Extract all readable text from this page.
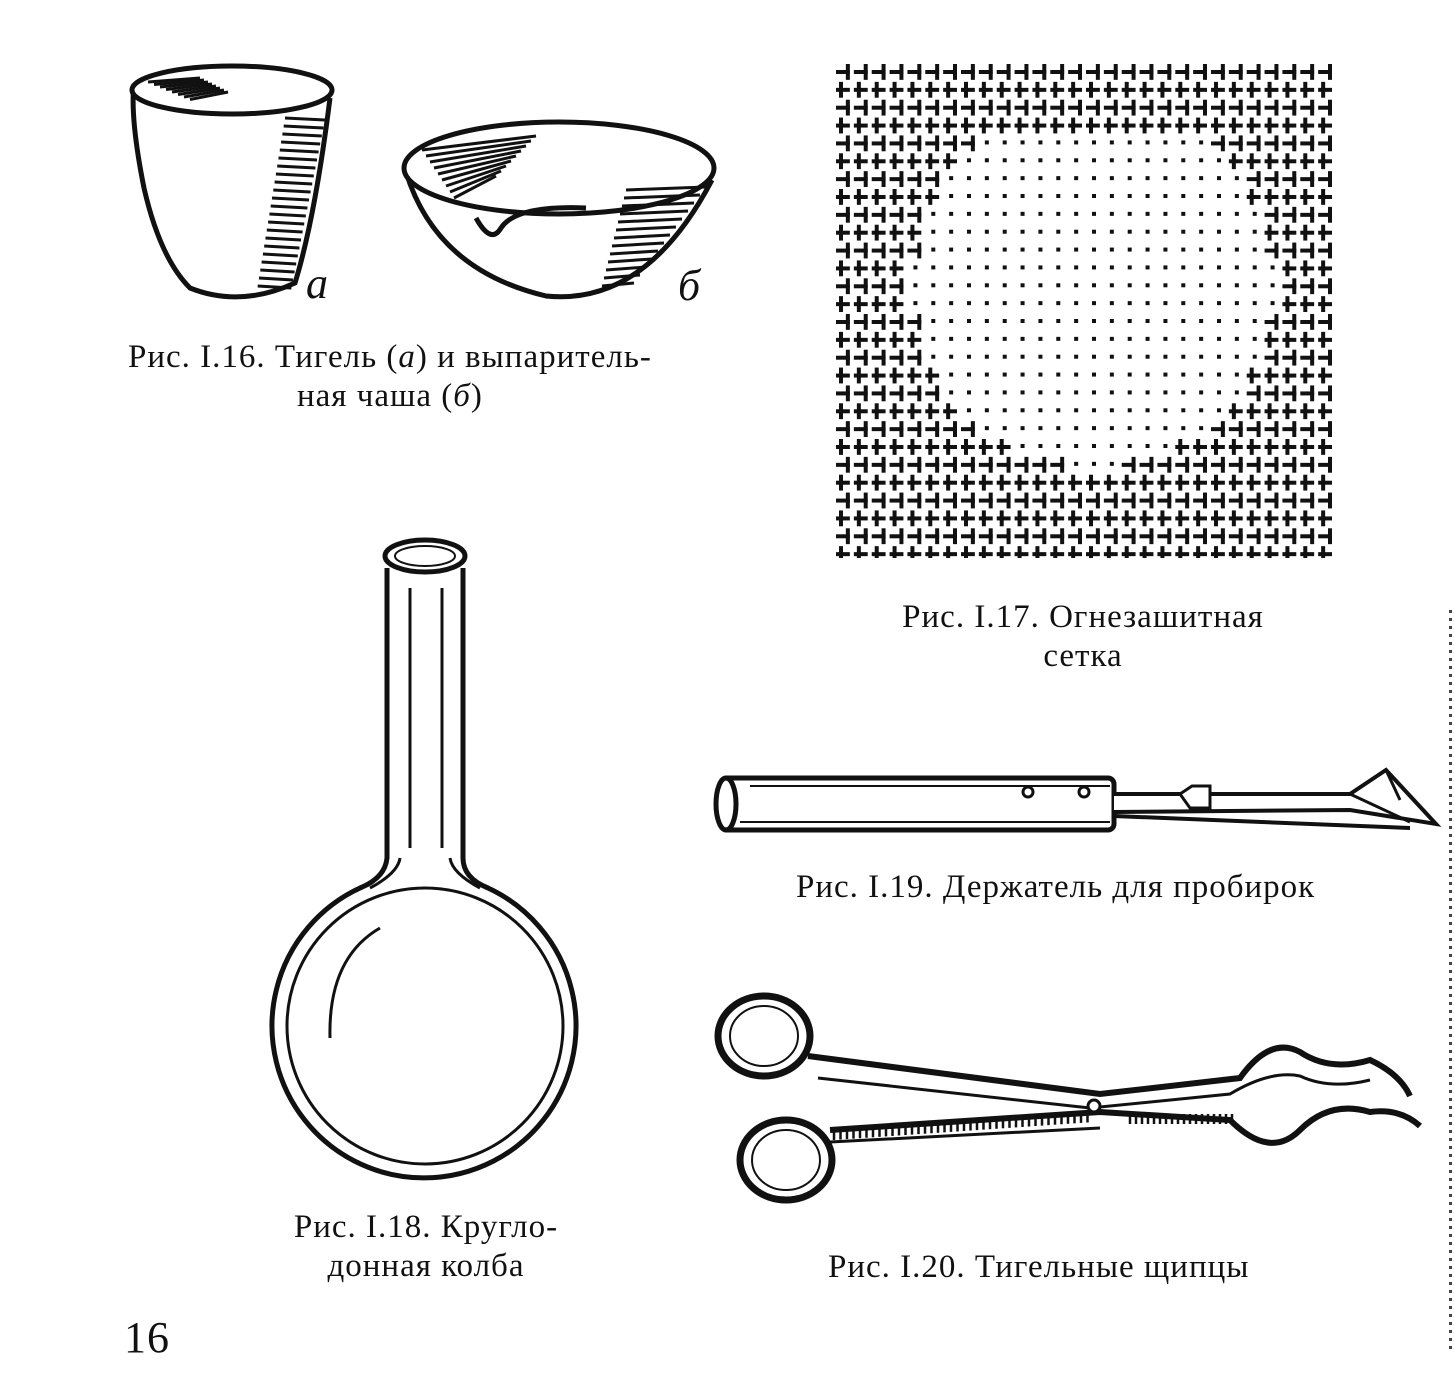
а	б
Рис. I.16. Тигель (а) и выпаритель-
ная чаша (б)
Рис. I.17. Огнезашитная
сетка
Рис. I.18. Кругло-
донная колба
Рис. I.19. Держатель для пробирок
Рис. I.20. Тигельные щипцы
16
